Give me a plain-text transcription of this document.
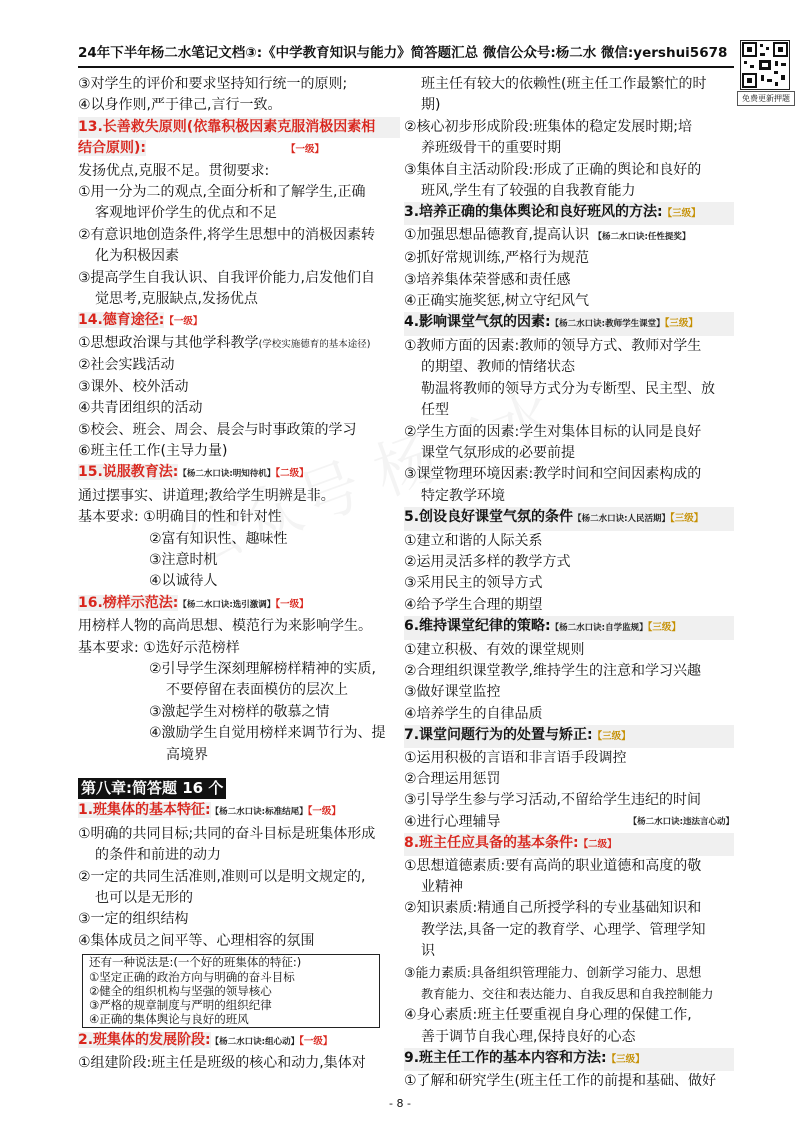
24年下半年杨二水笔记文档③:《中学教育知识与能力》简答题汇总 微信公众号:杨二水 微信:yershui5678
免费更新押题
③对学生的评价和要求坚持知行统一的原则;
④以身作则,严于律己,言行一致。
13.长善救失原则(依靠积极因素克服消极因素相
结合原则):	【一级】
发扬优点,克服不足。贯彻要求:
①用一分为二的观点,全面分析和了解学生,正确
客观地评价学生的优点和不足
②有意识地创造条件,将学生思想中的消极因素转
化为积极因素
③提高学生自我认识、自我评价能力,启发他们自
觉思考,克服缺点,发扬优点
14.德育途径:【一级】
①思想政治课与其他学科教学(学校实施德育的基本途径)
②社会实践活动
③课外、校外活动
④共青团组织的活动
⑤校会、班会、周会、晨会与时事政策的学习
⑥班主任工作(主导力量)
15.说服教育法:【杨二水口诀:明知待机】【二级】
通过摆事实、讲道理;教给学生明辨是非。
基本要求: ①明确目的性和针对性
②富有知识性、趣味性
③注意时机
④以诚待人
16.榜样示范法:【杨二水口诀:选引激调】【一级】
用榜样人物的高尚思想、模范行为来影响学生。
基本要求: ①选好示范榜样
②引导学生深刻理解榜样精神的实质,
不要停留在表面模仿的层次上
③激起学生对榜样的敬慕之情
④激励学生自觉用榜样来调节行为、提
高境界
第八章:简答题 16 个
1.班集体的基本特征:【杨二水口诀:标准结尾】【一级】
①明确的共同目标;共同的奋斗目标是班集体形成
的条件和前进的动力
②一定的共同生活准则,准则可以是明文规定的,
也可以是无形的
③一定的组织结构
④集体成员之间平等、心理相容的氛围
还有一种说法是:(一个好的班集体的特征:)
①坚定正确的政治方向与明确的奋斗目标
②健全的组织机构与坚强的领导核心
③严格的规章制度与严明的组织纪律
④正确的集体舆论与良好的班风
2.班集体的发展阶段:【杨二水口诀:组心动】【一级】
①组建阶段:班主任是班级的核心和动力,集体对
班主任有较大的依赖性(班主任工作最繁忙的时
期)
②核心初步形成阶段:班集体的稳定发展时期;培
养班级骨干的重要时期
③集体自主活动阶段:形成了正确的舆论和良好的
班风,学生有了较强的自我教育能力
3.培养正确的集体舆论和良好班风的方法:【三级】
①加强思想品德教育,提高认识 【杨二水口诀:任性提奖】
②抓好常规训练,严格行为规范
③培养集体荣誉感和责任感
④正确实施奖惩,树立守纪风气
4.影响课堂气氛的因素:【杨二水口诀:教师学生课堂】【三级】
①教师方面的因素:教师的领导方式、教师对学生
的期望、教师的情绪状态
勒温将教师的领导方式分为专断型、民主型、放
任型
②学生方面的因素:学生对集体目标的认同是良好
课堂气氛形成的必要前提
③课堂物理环境因素:教学时间和空间因素构成的
特定教学环境
5.创设良好课堂气氛的条件【杨二水口诀:人民活期】【三级】
①建立和谐的人际关系
②运用灵活多样的教学方式
③采用民主的领导方式
④给予学生合理的期望
6.维持课堂纪律的策略:【杨二水口诀:自学监规】【三级】
①建立积极、有效的课堂规则
②合理组织课堂教学,维持学生的注意和学习兴趣
③做好课堂监控
④培养学生的自律品质
7.课堂问题行为的处置与矫正:【三级】
①运用积极的言语和非言语手段调控
②合理运用惩罚
③引导学生参与学习活动,不留给学生违纪的时间
④进行心理辅导	【杨二水口诀:违法言心动】
8.班主任应具备的基本条件:【二级】
①思想道德素质:要有高尚的职业道德和高度的敬
业精神
②知识素质:精通自己所授学科的专业基础知识和
教学法,具备一定的教育学、心理学、管理学知
识
③能力素质:具备组织管理能力、创新学习能力、思想
教育能力、交往和表达能力、自我反思和自我控制能力
④身心素质:班主任要重视自身心理的保健工作,
善于调节自我心理,保持良好的心态
9.班主任工作的基本内容和方法:【三级】
①了解和研究学生(班主任工作的前提和基础、做好
- 8 -
